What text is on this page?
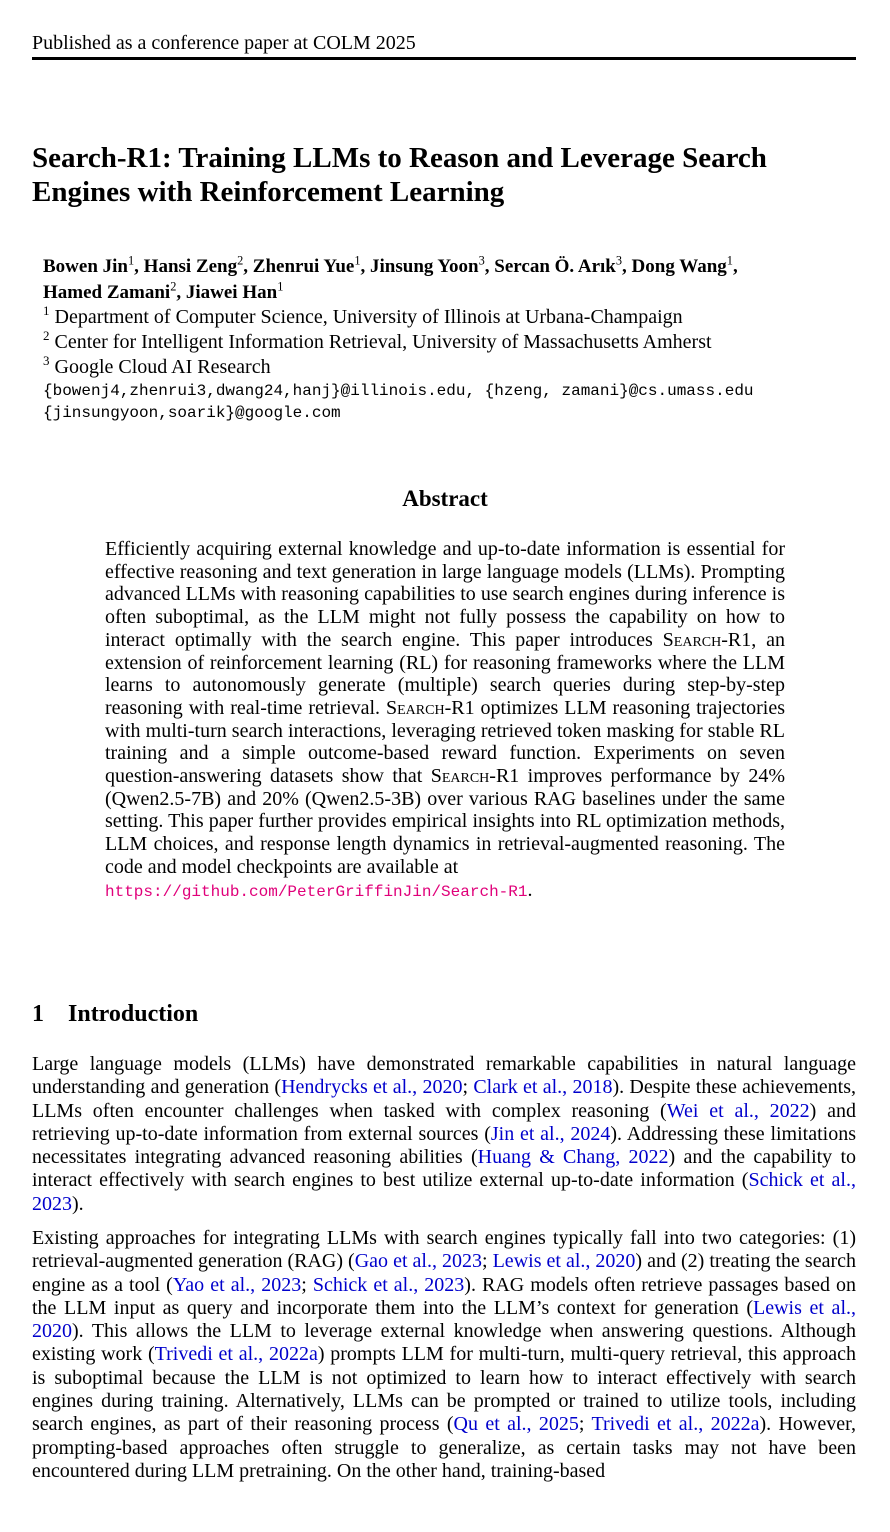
Published as a conference paper at COLM 2025
Search-R1: Training LLMs to Reason and Leverage Search Engines with Reinforcement Learning
Bowen Jin$^1$, Hansi Zeng$^2$, Zhenrui Yue$^1$, Jinsung Yoon$^3$, Sercan Ö. Arık$^3$, Dong Wang$^1$,
Hamed Zamani$^2$, Jiawei Han$^1$
$^1$ Department of Computer Science, University of Illinois at Urbana-Champaign
$^2$ Center for Intelligent Information Retrieval, University of Massachusetts Amherst
$^3$ Google Cloud AI Research
{bowenj4,zhenrui3,dwang24,hanj}@illinois.edu, {hzeng, zamani}@cs.umass.edu
{jinsungyoon,soarik}@google.com
Abstract
Efficiently acquiring external knowledge and up-to-date information is essential for effective reasoning and text generation in large language models (LLMs). Prompting advanced LLMs with reasoning capabilities to use search engines during inference is often suboptimal, as the LLM might not fully possess the capability on how to interact optimally with the search engine. This paper introduces Search-R1, an extension of reinforcement learning (RL) for reasoning frameworks where the LLM learns to autonomously generate (multiple) search queries during step-by-step reasoning with real-time retrieval. Search-R1 optimizes LLM reasoning trajectories with multi-turn search interactions, leveraging retrieved token masking for stable RL training and a simple outcome-based reward function. Experiments on seven question-answering datasets show that Search-R1 improves performance by 24% (Qwen2.5-7B) and 20% (Qwen2.5-3B) over various RAG baselines under the same setting. This paper further provides empirical insights into RL optimization methods, LLM choices, and response length dynamics in retrieval-augmented reasoning. The code and model checkpoints are available at
https://github.com/PeterGriffinJin/Search-R1.
1 Introduction
Large language models (LLMs) have demonstrated remarkable capabilities in natural language understanding and generation (Hendrycks et al., 2020; Clark et al., 2018). Despite these achievements, LLMs often encounter challenges when tasked with complex reasoning (Wei et al., 2022) and retrieving up-to-date information from external sources (Jin et al., 2024). Addressing these limitations necessitates integrating advanced reasoning abilities (Huang & Chang, 2022) and the capability to interact effectively with search engines to best utilize external up-to-date information (Schick et al., 2023).
Existing approaches for integrating LLMs with search engines typically fall into two categories: (1) retrieval-augmented generation (RAG) (Gao et al., 2023; Lewis et al., 2020) and (2) treating the search engine as a tool (Yao et al., 2023; Schick et al., 2023). RAG models often retrieve passages based on the LLM input as query and incorporate them into the LLM’s context for generation (Lewis et al., 2020). This allows the LLM to leverage external knowledge when answering questions. Although existing work (Trivedi et al., 2022a) prompts LLM for multi-turn, multi-query retrieval, this approach is suboptimal because the LLM is not optimized to learn how to interact effectively with search engines during training. Alternatively, LLMs can be prompted or trained to utilize tools, including search engines, as part of their reasoning process (Qu et al., 2025; Trivedi et al., 2022a). However, prompting-based approaches often struggle to generalize, as certain tasks may not have been encountered during LLM pretraining. On the other hand, training-based
